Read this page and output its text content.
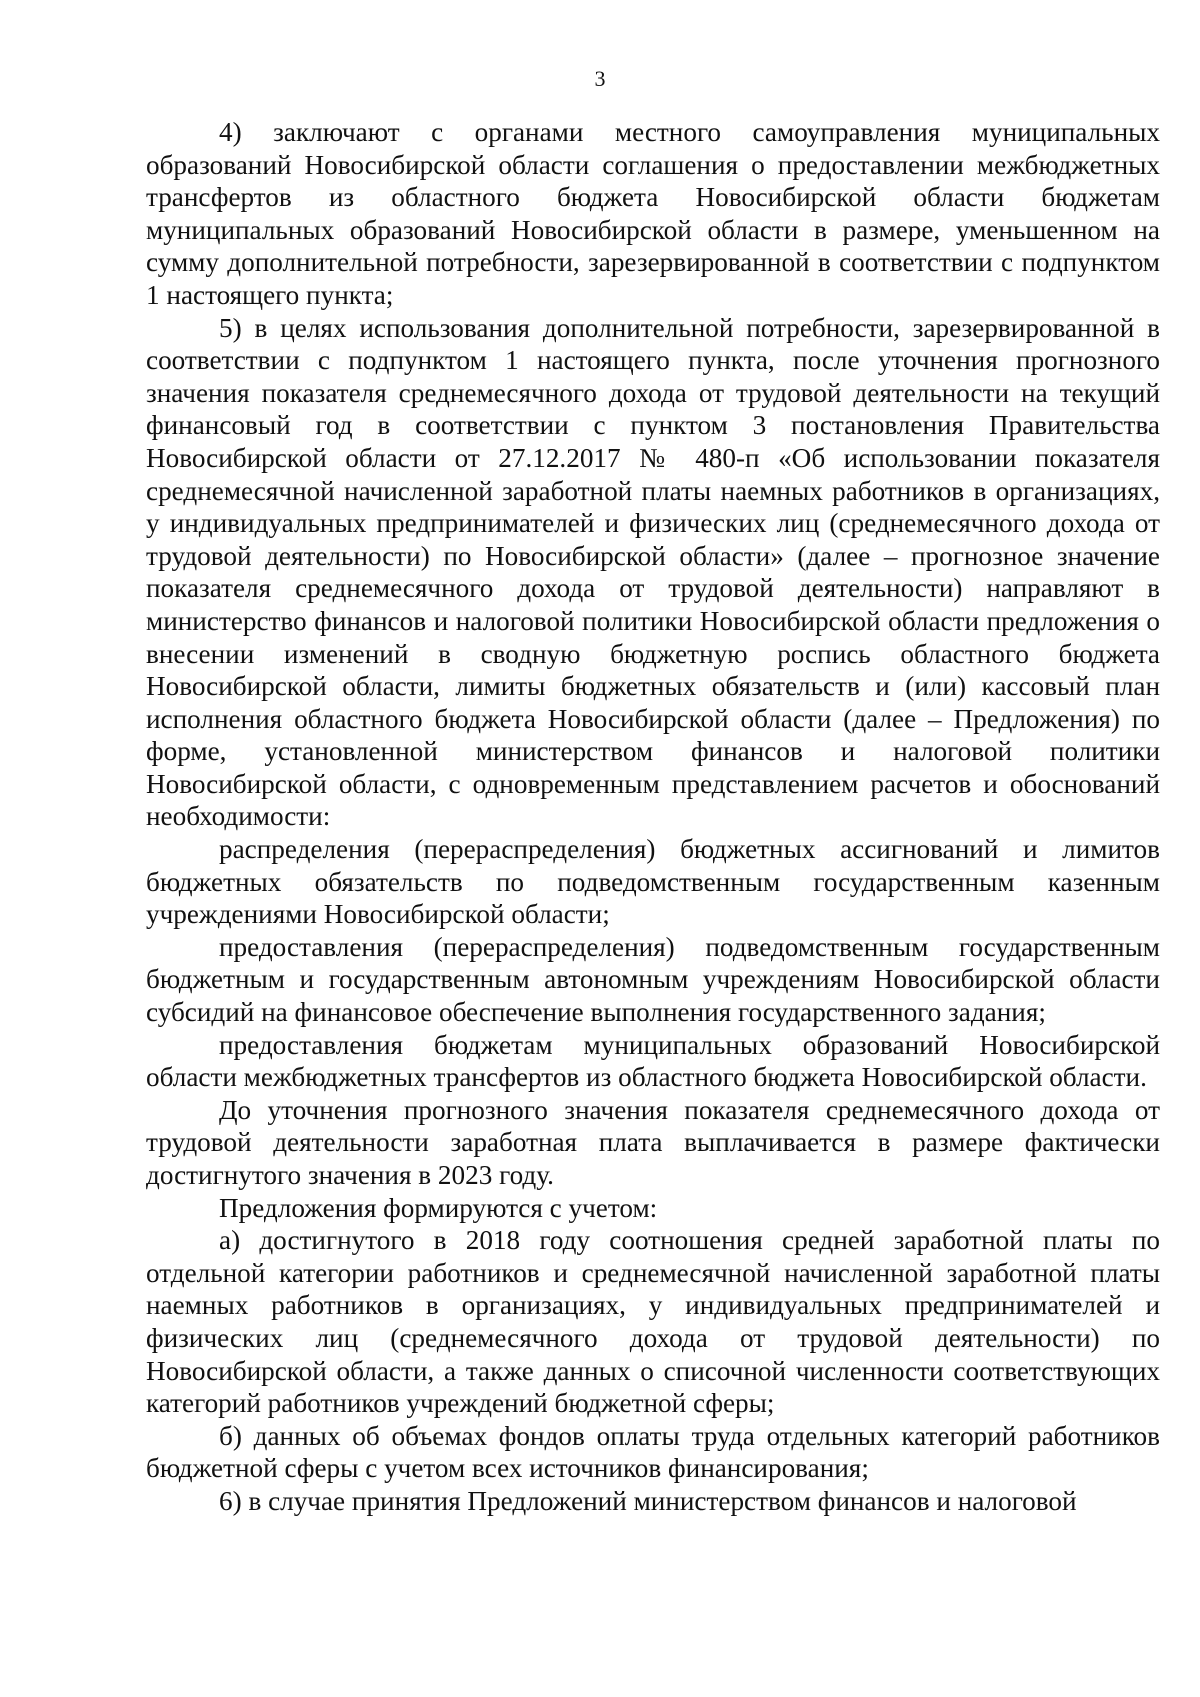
3

4) заключают с органами местного самоуправления муниципальных образований Новосибирской области соглашения о предоставлении межбюджетных трансфертов из областного бюджета Новосибирской области бюджетам муниципальных образований Новосибирской области в размере, уменьшенном на сумму дополнительной потребности, зарезервированной в соответствии с подпунктом 1 настоящего пункта;

5) в целях использования дополнительной потребности, зарезервированной в соответствии с подпунктом 1 настоящего пункта, после уточнения прогнозного значения показателя среднемесячного дохода от трудовой деятельности на текущий финансовый год в соответствии с пунктом 3 постановления Правительства Новосибирской области от 27.12.2017 № 480-п «Об использовании показателя среднемесячной начисленной заработной платы наемных работников в организациях, у индивидуальных предпринимателей и физических лиц (среднемесячного дохода от трудовой деятельности) по Новосибирской области» (далее – прогнозное значение показателя среднемесячного дохода от трудовой деятельности) направляют в министерство финансов и налоговой политики Новосибирской области предложения о внесении изменений в сводную бюджетную роспись областного бюджета Новосибирской области, лимиты бюджетных обязательств и (или) кассовый план исполнения областного бюджета Новосибирской области (далее – Предложения) по форме, установленной министерством финансов и налоговой политики Новосибирской области, с одновременным представлением расчетов и обоснований необходимости:

распределения (перераспределения) бюджетных ассигнований и лимитов бюджетных обязательств по подведомственным государственным казенным учреждениями Новосибирской области;

предоставления (перераспределения) подведомственным государственным бюджетным и государственным автономным учреждениям Новосибирской области субсидий на финансовое обеспечение выполнения государственного задания;

предоставления бюджетам муниципальных образований Новосибирской области межбюджетных трансфертов из областного бюджета Новосибирской области.

До уточнения прогнозного значения показателя среднемесячного дохода от трудовой деятельности заработная плата выплачивается в размере фактически достигнутого значения в 2023 году.

Предложения формируются с учетом:

а) достигнутого в 2018 году соотношения средней заработной платы по отдельной категории работников и среднемесячной начисленной заработной платы наемных работников в организациях, у индивидуальных предпринимателей и физических лиц (среднемесячного дохода от трудовой деятельности) по Новосибирской области, а также данных о списочной численности соответствующих категорий работников учреждений бюджетной сферы;

б) данных об объемах фондов оплаты труда отдельных категорий работников бюджетной сферы с учетом всех источников финансирования;

6) в случае принятия Предложений министерством финансов и налоговой
